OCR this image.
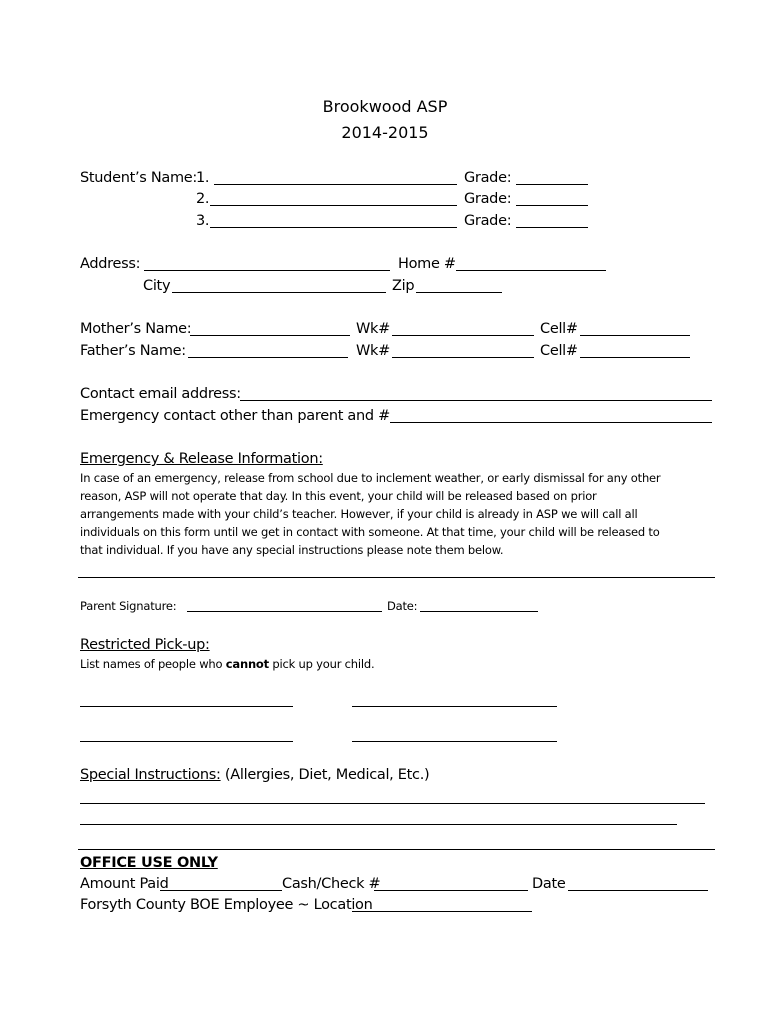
Brookwood ASP
2014-2015
Student’s Name:
1.	Grade:
2.	Grade:
3.	Grade:
Address:	Home #
City	Zip
Mother’s Name:	Wk#	Cell#
Father’s Name:	Wk#	Cell#
Contact email address:
Emergency contact other than parent and #
Emergency & Release Information:
In case of an emergency, release from school due to inclement weather, or early dismissal for any other
reason, ASP will not operate that day. In this event, your child will be released based on prior
arrangements made with your child’s teacher. However, if your child is already in ASP we will call all
individuals on this form until we get in contact with someone. At that time, your child will be released to
that individual. If you have any special instructions please note them below.
Parent Signature:	Date:
Restricted Pick-up:
List names of people who cannot pick up your child.
Special Instructions: (Allergies, Diet, Medical, Etc.)
OFFICE USE ONLY
Amount Paid	Cash/Check #	Date
Forsyth County BOE Employee ~ Location
